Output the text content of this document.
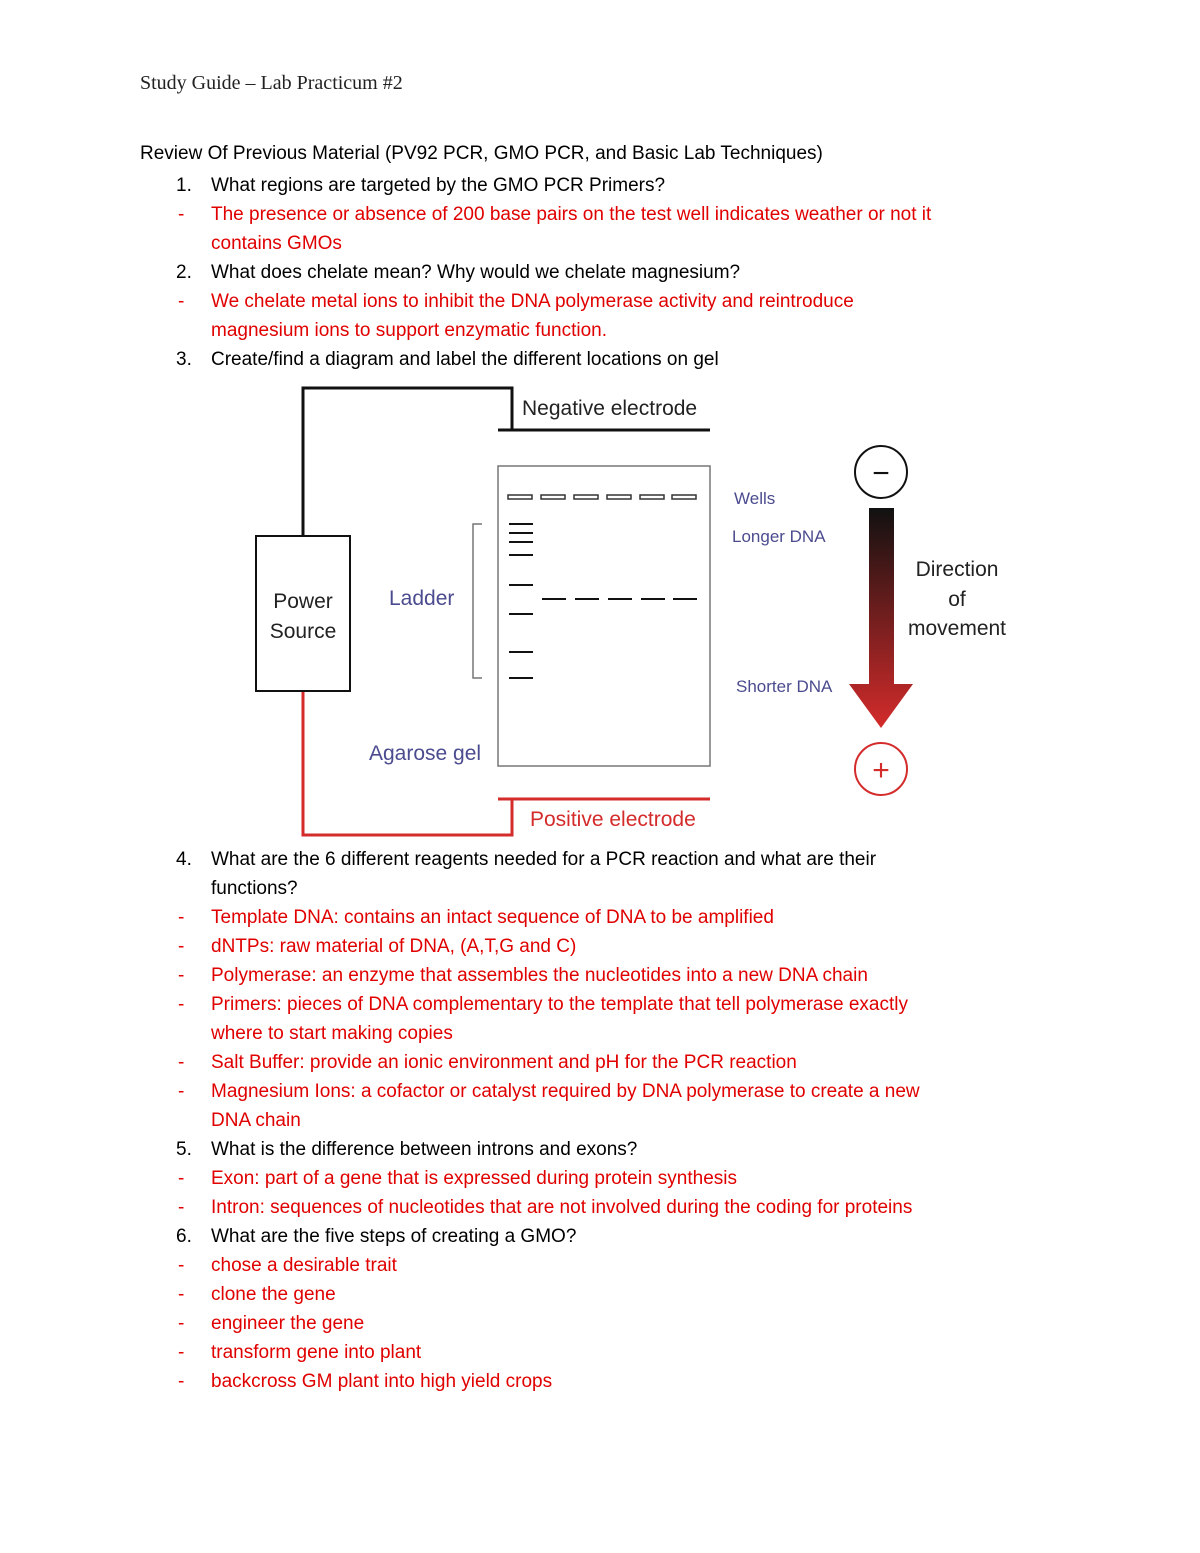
Study Guide – Lab Practicum #2
Review Of Previous Material (PV92 PCR, GMO PCR, and Basic Lab Techniques)
1. What regions are targeted by the GMO PCR Primers?
- The presence or absence of 200 base pairs on the test well indicates weather or not it
contains GMOs
2. What does chelate mean? Why would we chelate magnesium?
- We chelate metal ions to inhibit the DNA polymerase activity and reintroduce
magnesium ions to support enzymatic function.
3. Create/find a diagram and label the different locations on gel
Negative electrode
Positive electrode
Power
Source
Agarose gel
Wells
Ladder
Longer DNA
Shorter DNA
−
+
Direction
of
movement
4. What are the 6 different reagents needed for a PCR reaction and what are their
functions?
- Template DNA: contains an intact sequence of DNA to be amplified
- dNTPs: raw material of DNA, (A,T,G and C)
- Polymerase: an enzyme that assembles the nucleotides into a new DNA chain
- Primers: pieces of DNA complementary to the template that tell polymerase exactly
where to start making copies
- Salt Buffer: provide an ionic environment and pH for the PCR reaction
- Magnesium Ions: a cofactor or catalyst required by DNA polymerase to create a new
DNA chain
5. What is the difference between introns and exons?
- Exon: part of a gene that is expressed during protein synthesis
- Intron: sequences of nucleotides that are not involved during the coding for proteins
6. What are the five steps of creating a GMO?
- chose a desirable trait
- clone the gene
- engineer the gene
- transform gene into plant
- backcross GM plant into high yield crops
